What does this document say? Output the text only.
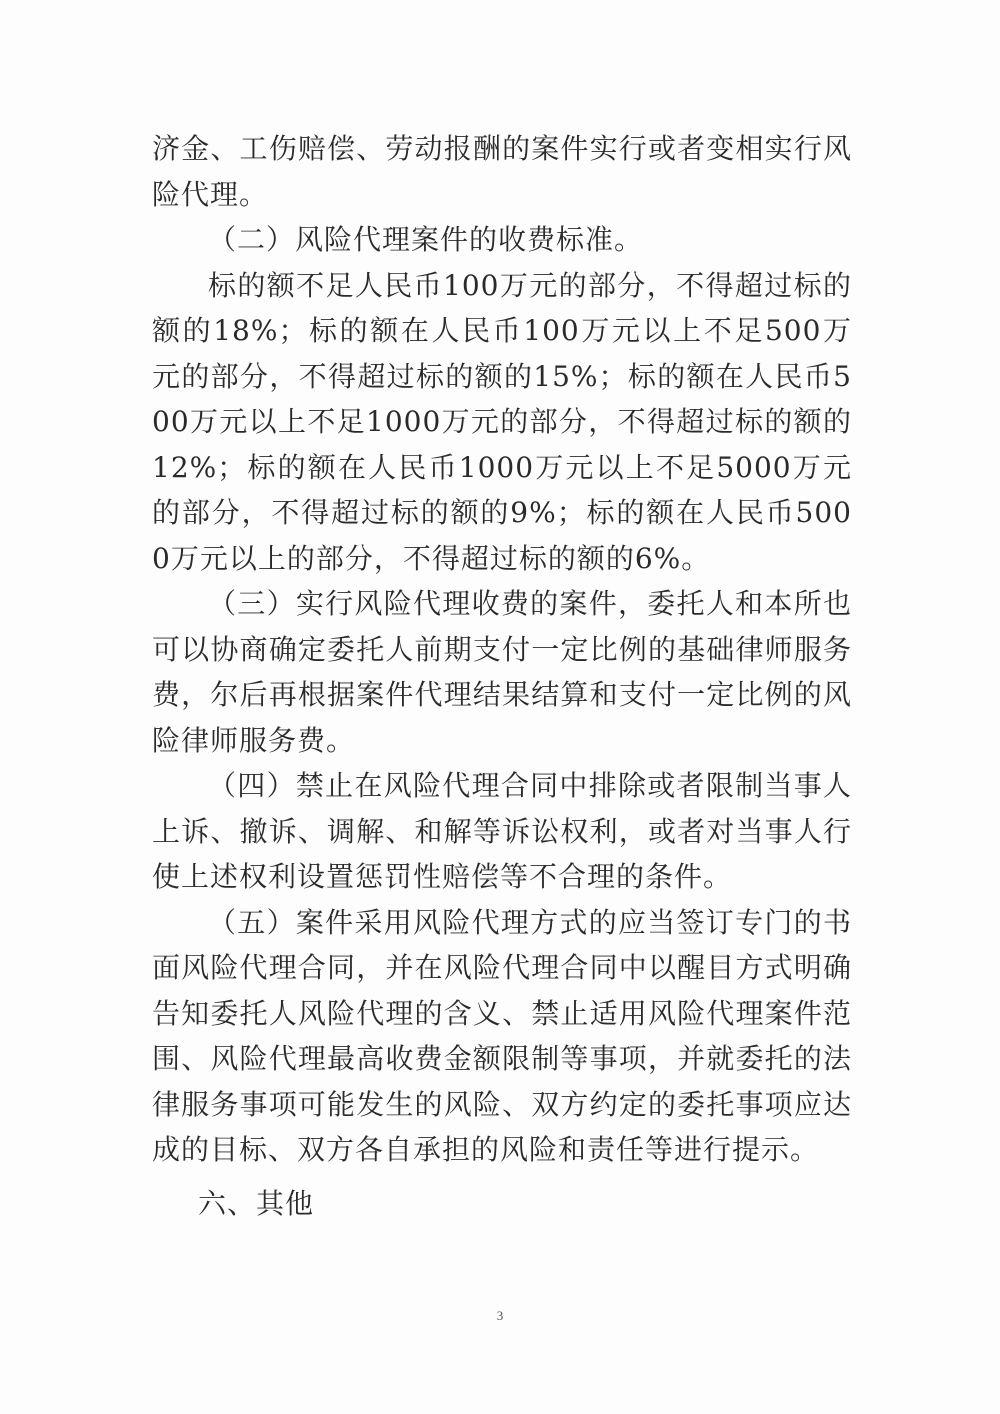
济金、工伤赔偿、劳动报酬的案件实行或者变相实行风险代理。

（二）风险代理案件的收费标准。

标的额不足人民币100万元的部分，不得超过标的额的18%；标的额在人民币100万元以上不足500万元的部分，不得超过标的额的15%；标的额在人民币500万元以上不足1000万元的部分，不得超过标的额的12%；标的额在人民币1000万元以上不足5000万元的部分，不得超过标的额的9%；标的额在人民币5000万元以上的部分，不得超过标的额的6%。

（三）实行风险代理收费的案件，委托人和本所也可以协商确定委托人前期支付一定比例的基础律师服务费，尔后再根据案件代理结果结算和支付一定比例的风险律师服务费。

（四）禁止在风险代理合同中排除或者限制当事人上诉、撤诉、调解、和解等诉讼权利，或者对当事人行使上述权利设置惩罚性赔偿等不合理的条件。

（五）案件采用风险代理方式的应当签订专门的书面风险代理合同，并在风险代理合同中以醒目方式明确告知委托人风险代理的含义、禁止适用风险代理案件范围、风险代理最高收费金额限制等事项，并就委托的法律服务事项可能发生的风险、双方约定的委托事项应达成的目标、双方各自承担的风险和责任等进行提示。

六、其他

3
